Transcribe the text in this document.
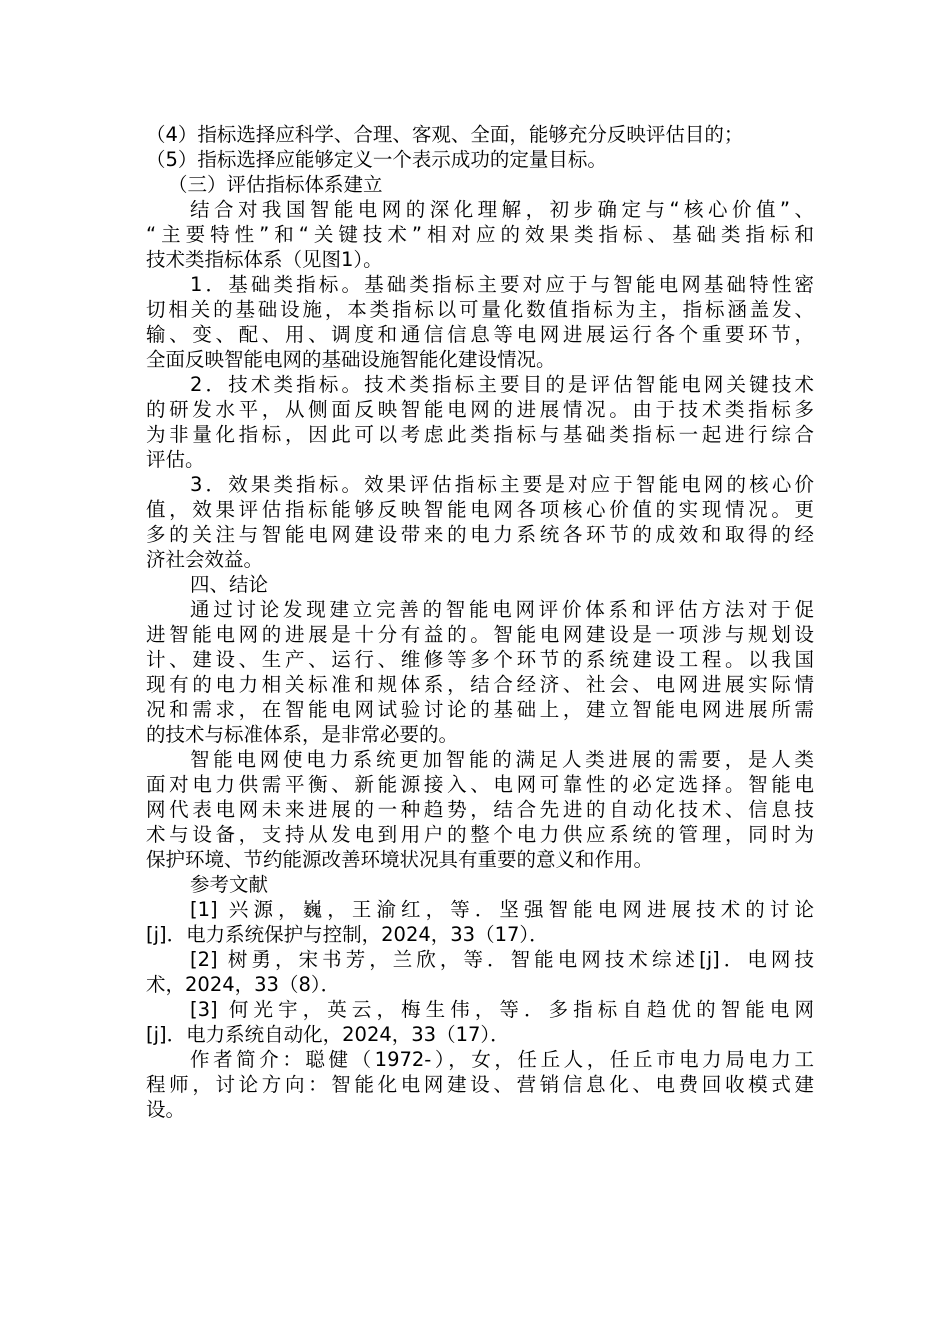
（4）指标选择应科学、合理、客观、全面，能够充分反映评估目的；
（5）指标选择应能够定义一个表示成功的定量目标。
（三）评估指标体系建立
结合对我国智能电网的深化理解，初步确定与“核心价值”、
“主要特性”和“关键技术”相对应的效果类指标、基础类指标和
技术类指标体系（见图1）。
1．基础类指标。基础类指标主要对应于与智能电网基础特性密
切相关的基础设施，本类指标以可量化数值指标为主，指标涵盖发、
输、变、配、用、调度和通信信息等电网进展运行各个重要环节，
全面反映智能电网的基础设施智能化建设情况。
2．技术类指标。技术类指标主要目的是评估智能电网关键技术
的研发水平，从侧面反映智能电网的进展情况。由于技术类指标多
为非量化指标，因此可以考虑此类指标与基础类指标一起进行综合
评估。
3．效果类指标。效果评估指标主要是对应于智能电网的核心价
值，效果评估指标能够反映智能电网各项核心价值的实现情况。更
多的关注与智能电网建设带来的电力系统各环节的成效和取得的经
济社会效益。
四、结论
通过讨论发现建立完善的智能电网评价体系和评估方法对于促
进智能电网的进展是十分有益的。智能电网建设是一项涉与规划设
计、建设、生产、运行、维修等多个环节的系统建设工程。以我国
现有的电力相关标准和规体系，结合经济、社会、电网进展实际情
况和需求，在智能电网试验讨论的基础上，建立智能电网进展所需
的技术与标准体系，是非常必要的。
智能电网使电力系统更加智能的满足人类进展的需要，是人类
面对电力供需平衡、新能源接入、电网可靠性的必定选择。智能电
网代表电网未来进展的一种趋势，结合先进的自动化技术、信息技
术与设备，支持从发电到用户的整个电力供应系统的管理，同时为
保护环境、节约能源改善环境状况具有重要的意义和作用。
参考文献
[1] 兴源，巍，王渝红，等．坚强智能电网进展技术的讨论
[j]．电力系统保护与控制，2024，33（17）．
[2] 树勇，宋书芳，兰欣，等．智能电网技术综述[j]．电网技
术，2024，33（8）．
[3] 何光宇，英云，梅生伟，等．多指标自趋优的智能电网
[j]．电力系统自动化，2024，33（17）．
作者简介：聪健（1972-），女，任丘人，任丘市电力局电力工
程师，讨论方向：智能化电网建设、营销信息化、电费回收模式建
设。
